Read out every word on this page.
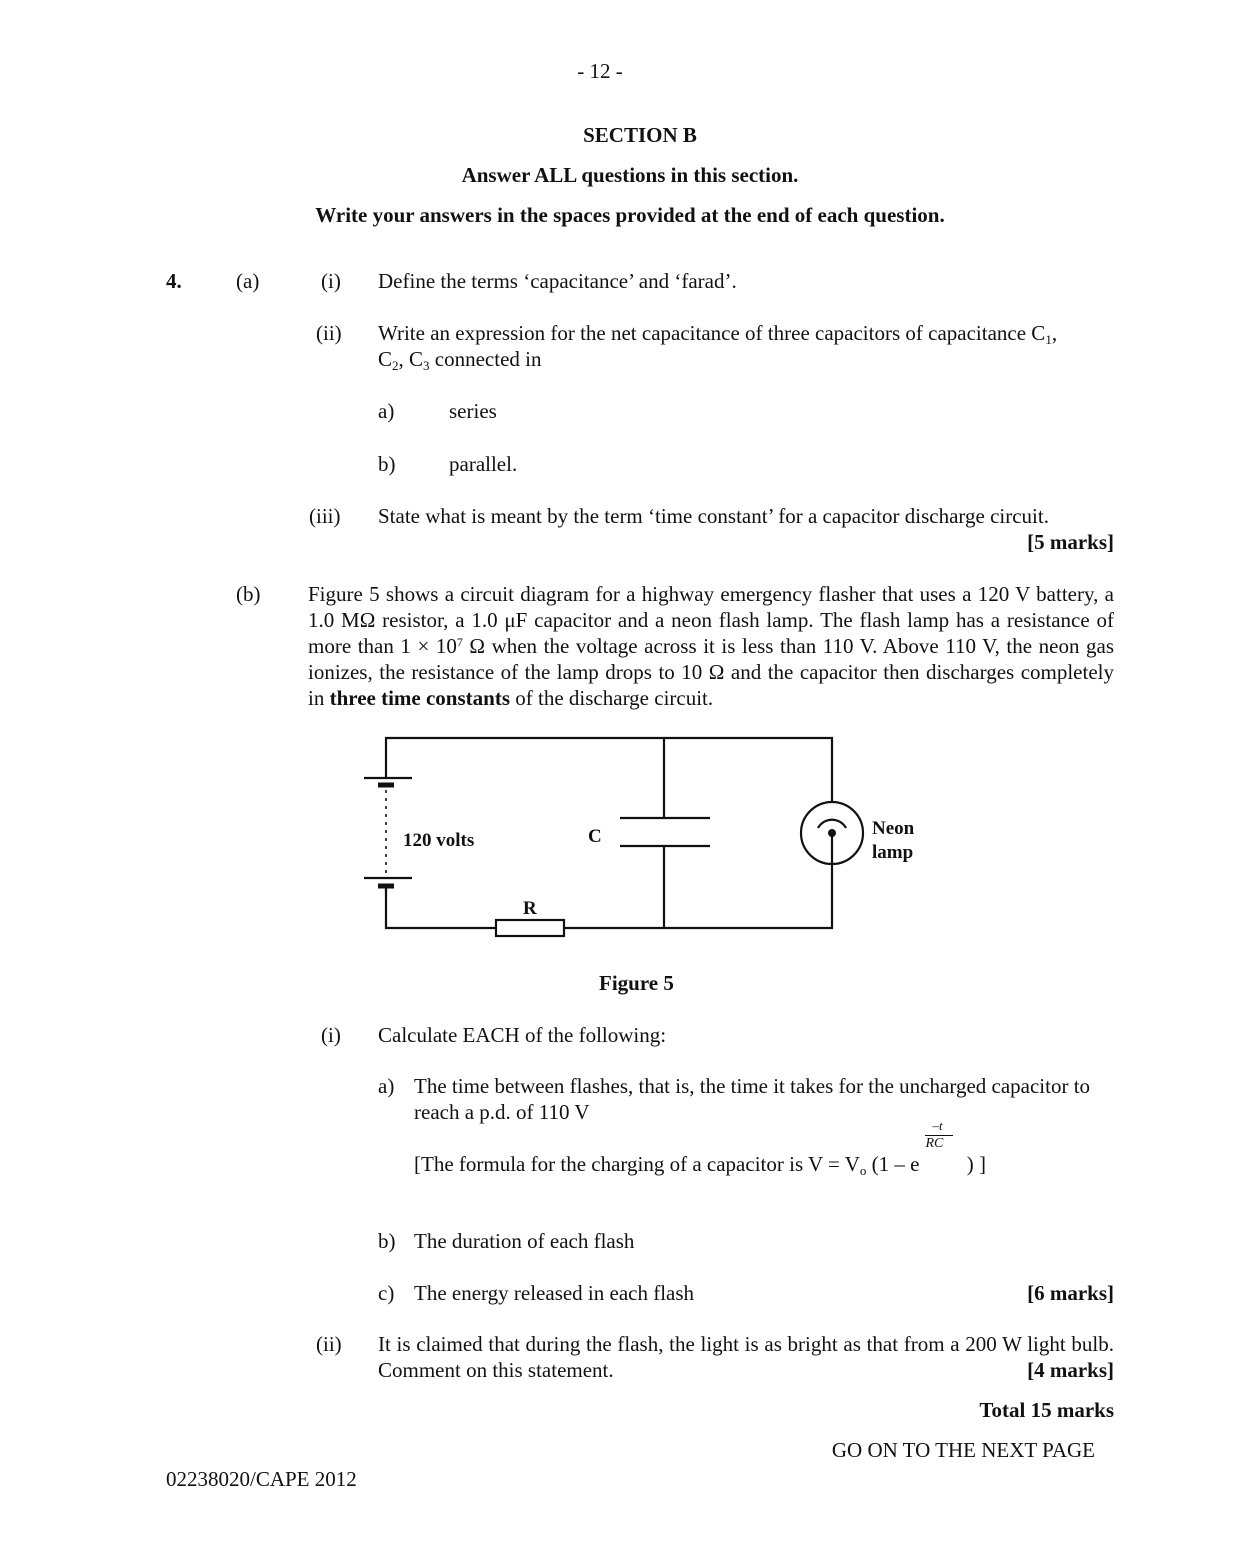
- 12 -
SECTION B
Answer ALL questions in this section.
Write your answers in the spaces provided at the end of each question.
4.	(a)	(i) Define the terms ‘capacitance’ and ‘farad’.
(ii) Write an expression for the net capacitance of three capacitors of capacitance $C_1$,
$C_2$, $C_3$ connected in
a)	series
b)	parallel.
(iii) State what is meant by the term ‘time constant’ for a capacitor discharge circuit.
[5 marks]
(b) Figure 5 shows a circuit diagram for a highway emergency flasher that uses a 120 V battery, a 1.0 MΩ resistor, a 1.0 μF capacitor and a neon flash lamp. The flash lamp has a resistance of more than $1 \times 10^7$ Ω when the voltage across it is less than 110 V. Above 110 V, the neon gas ionizes, the resistance of the lamp drops to 10 Ω and the capacitor then discharges completely in three time constants of the discharge circuit.
120 volts	C
R
Neon
lamp
Figure 5
(i) Calculate EACH of the following:
a) The time between flashes, that is, the time it takes for the uncharged capacitor to reach a p.d. of 110 V
[The formula for the charging of a capacitor is $V = V_o$ (1 – e $\frac{-t}{RC}$ ) ]
b) The duration of each flash
c) The energy released in each flash	[6 marks]
(ii) It is claimed that during the flash, the light is as bright as that from a 200 W light bulb. Comment on this statement.	[4 marks]
Total 15 marks
GO ON TO THE NEXT PAGE
02238020/CAPE 2012
